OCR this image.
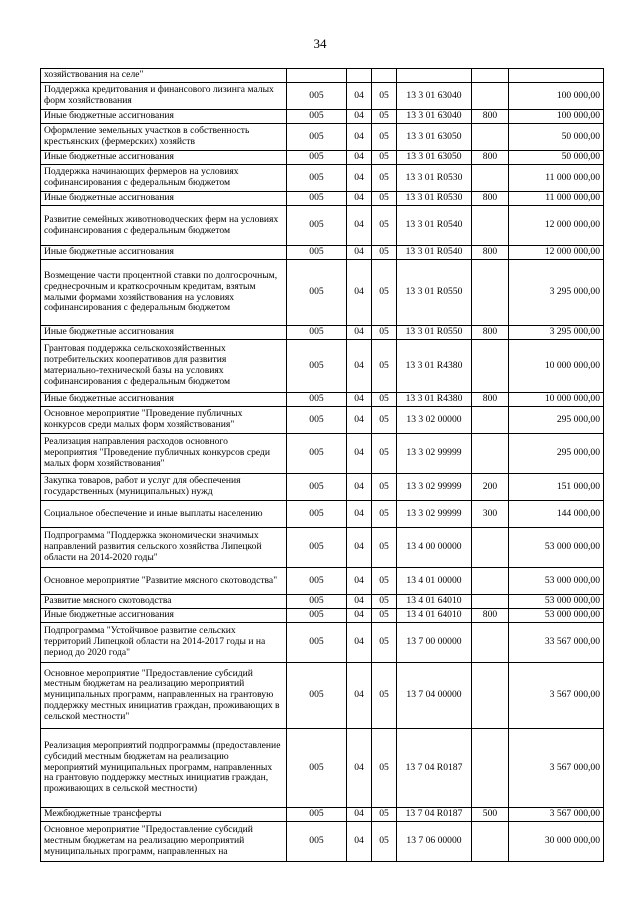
34
хозяйствования на селе"						
Поддержка кредитования и финансового лизинга малых форм хозяйствования	005	04	05	13 3 01 63040		100 000,00
Иные бюджетные ассигнования	005	04	05	13 3 01 63040	800	100 000,00
Оформление земельных участков в собственность крестьянских (фермерских) хозяйств	005	04	05	13 3 01 63050		50 000,00
Иные бюджетные ассигнования	005	04	05	13 3 01 63050	800	50 000,00
Поддержка начинающих фермеров на условиях софинансирования с федеральным бюджетом	005	04	05	13 3 01 R0530		11 000 000,00
Иные бюджетные ассигнования	005	04	05	13 3 01 R0530	800	11 000 000,00
Развитие семейных животноводческих ферм на условиях софинансирования с федеральным бюджетом	005	04	05	13 3 01 R0540		12 000 000,00
Иные бюджетные ассигнования	005	04	05	13 3 01 R0540	800	12 000 000,00
Возмещение части процентной ставки по долгосрочным, среднесрочным и краткосрочным кредитам, взятым малыми формами хозяйствования на условиях софинансирования с федеральным бюджетом	005	04	05	13 3 01 R0550		3 295 000,00
Иные бюджетные ассигнования	005	04	05	13 3 01 R0550	800	3 295 000,00
Грантовая поддержка сельскохозяйственных потребительских кооперативов для развития материально-технической базы на условиях софинансирования с федеральным бюджетом	005	04	05	13 3 01 R4380		10 000 000,00
Иные бюджетные ассигнования	005	04	05	13 3 01 R4380	800	10 000 000,00
Основное мероприятие "Проведение публичных конкурсов среди малых форм хозяйствования"	005	04	05	13 3 02 00000		295 000,00
Реализация направления расходов основного мероприятия "Проведение публичных конкурсов среди малых форм хозяйствования"	005	04	05	13 3 02 99999		295 000,00
Закупка товаров, работ и услуг для обеспечения государственных (муниципальных) нужд	005	04	05	13 3 02 99999	200	151 000,00
Социальное обеспечение и иные выплаты населению	005	04	05	13 3 02 99999	300	144 000,00
Подпрограмма "Поддержка экономически значимых направлений развития сельского хозяйства Липецкой области на 2014-2020 годы"	005	04	05	13 4 00 00000		53 000 000,00
Основное мероприятие "Развитие мясного скотоводства"	005	04	05	13 4 01 00000		53 000 000,00
Развитие мясного скотоводства	005	04	05	13 4 01 64010		53 000 000,00
Иные бюджетные ассигнования	005	04	05	13 4 01 64010	800	53 000 000,00
Подпрограмма "Устойчивое развитие сельских территорий Липецкой области на 2014-2017 годы и на период до 2020 года"	005	04	05	13 7 00 00000		33 567 000,00
Основное мероприятие "Предоставление субсидий местным бюджетам на реализацию мероприятий муниципальных программ, направленных на грантовую поддержку местных инициатив граждан, проживающих в сельской местности"	005	04	05	13 7 04 00000		3 567 000,00
Реализация мероприятий подпрограммы (предоставление субсидий местным бюджетам на реализацию мероприятий муниципальных программ, направленных на грантовую поддержку местных инициатив граждан, проживающих в сельской местности)	005	04	05	13 7 04 R0187		3 567 000,00
Межбюджетные трансферты	005	04	05	13 7 04 R0187	500	3 567 000,00
Основное мероприятие "Предоставление субсидий местным бюджетам на реализацию мероприятий муниципальных программ, направленных на	005	04	05	13 7 06 00000		30 000 000,00
